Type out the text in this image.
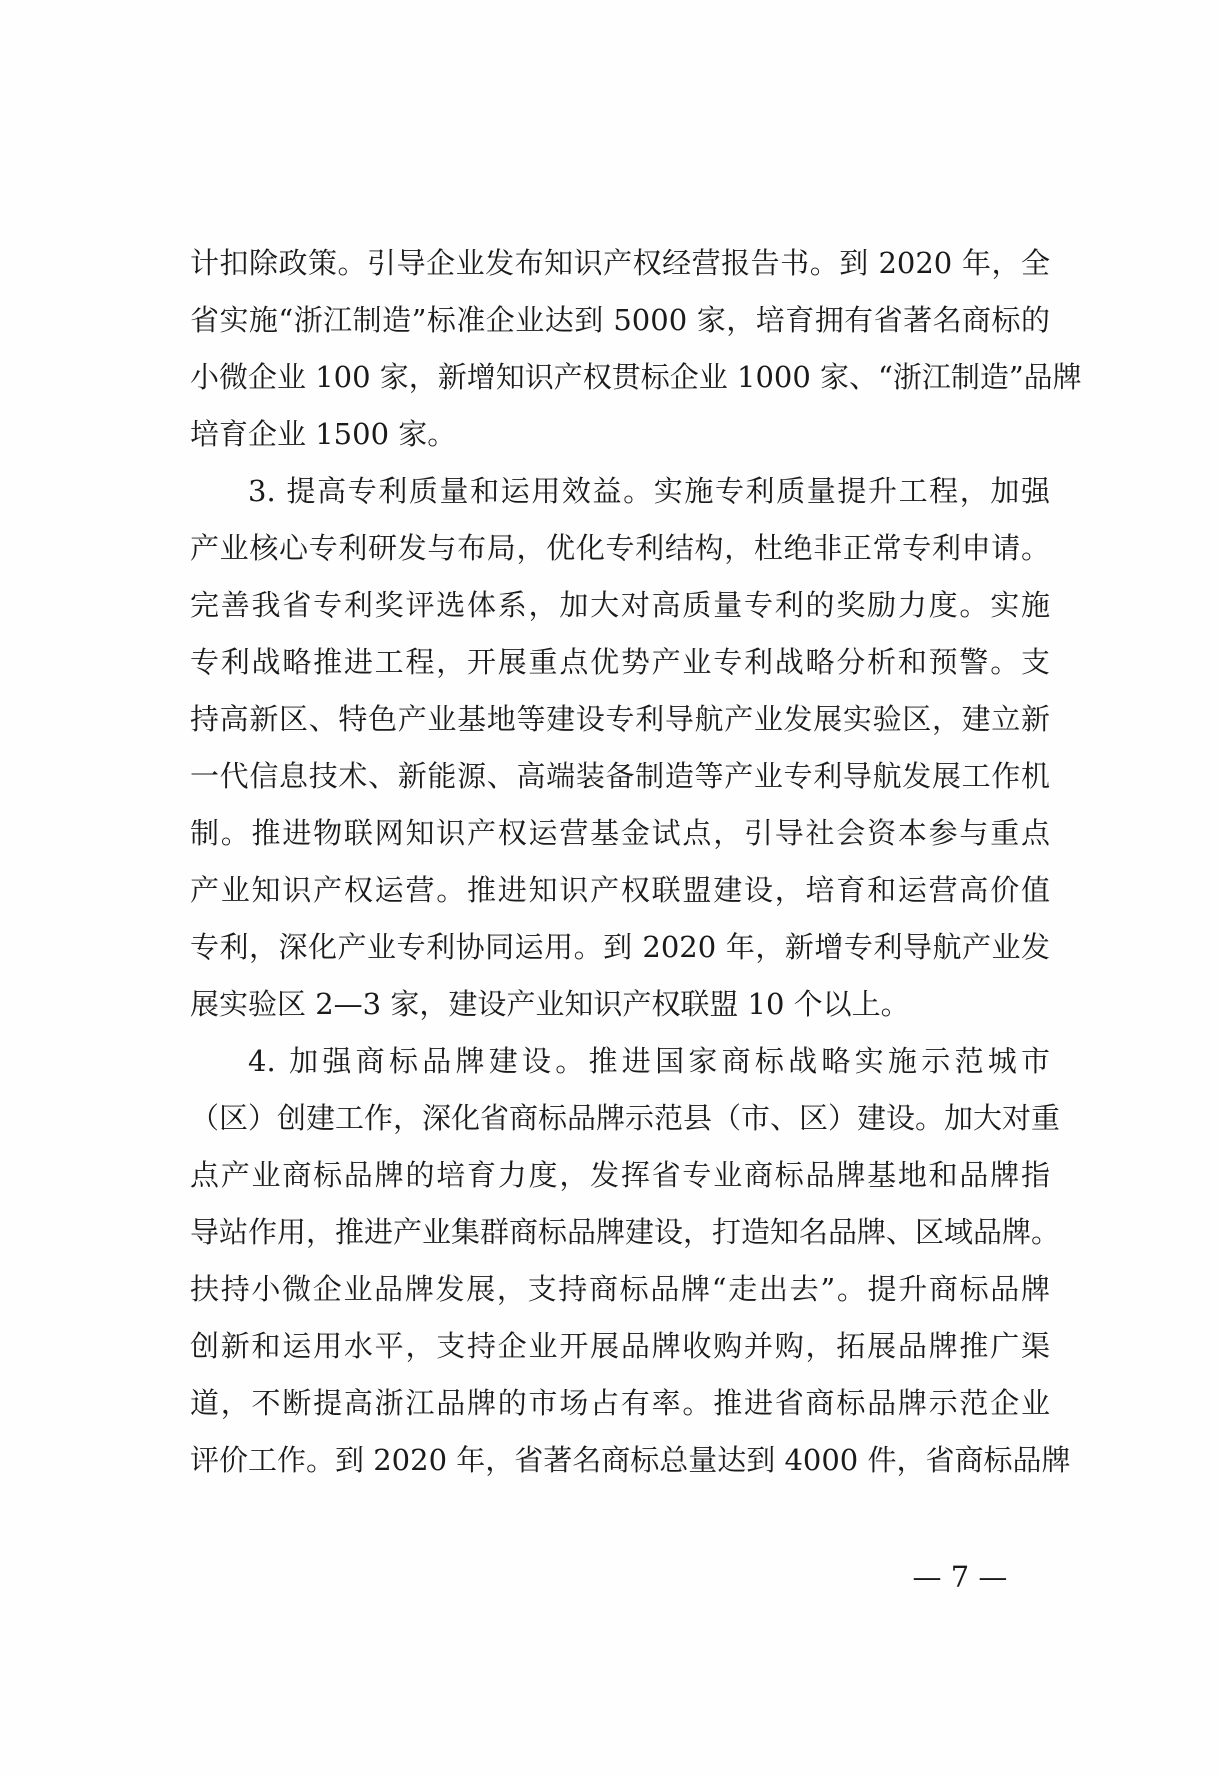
计扣除政策。引导企业发布知识产权经营报告书。到 2020 年，全
省实施“浙江制造”标准企业达到 5000 家，培育拥有省著名商标的
小微企业 100 家，新增知识产权贯标企业 1000 家、“浙江制造”品牌
培育企业 1500 家。
3. 提高专利质量和运用效益。实施专利质量提升工程，加强
产业核心专利研发与布局，优化专利结构，杜绝非正常专利申请。
完善我省专利奖评选体系，加大对高质量专利的奖励力度。实施
专利战略推进工程，开展重点优势产业专利战略分析和预警。支
持高新区、特色产业基地等建设专利导航产业发展实验区，建立新
一代信息技术、新能源、高端装备制造等产业专利导航发展工作机
制。推进物联网知识产权运营基金试点，引导社会资本参与重点
产业知识产权运营。推进知识产权联盟建设，培育和运营高价值
专利，深化产业专利协同运用。到 2020 年，新增专利导航产业发
展实验区 2—3 家，建设产业知识产权联盟 10 个以上。
4. 加强商标品牌建设。推进国家商标战略实施示范城市
（区）创建工作，深化省商标品牌示范县（市、区）建设。加大对重
点产业商标品牌的培育力度，发挥省专业商标品牌基地和品牌指
导站作用，推进产业集群商标品牌建设，打造知名品牌、区域品牌。
扶持小微企业品牌发展，支持商标品牌“走出去”。提升商标品牌
创新和运用水平，支持企业开展品牌收购并购，拓展品牌推广渠
道，不断提高浙江品牌的市场占有率。推进省商标品牌示范企业
评价工作。到 2020 年，省著名商标总量达到 4000 件，省商标品牌
— 7 —
